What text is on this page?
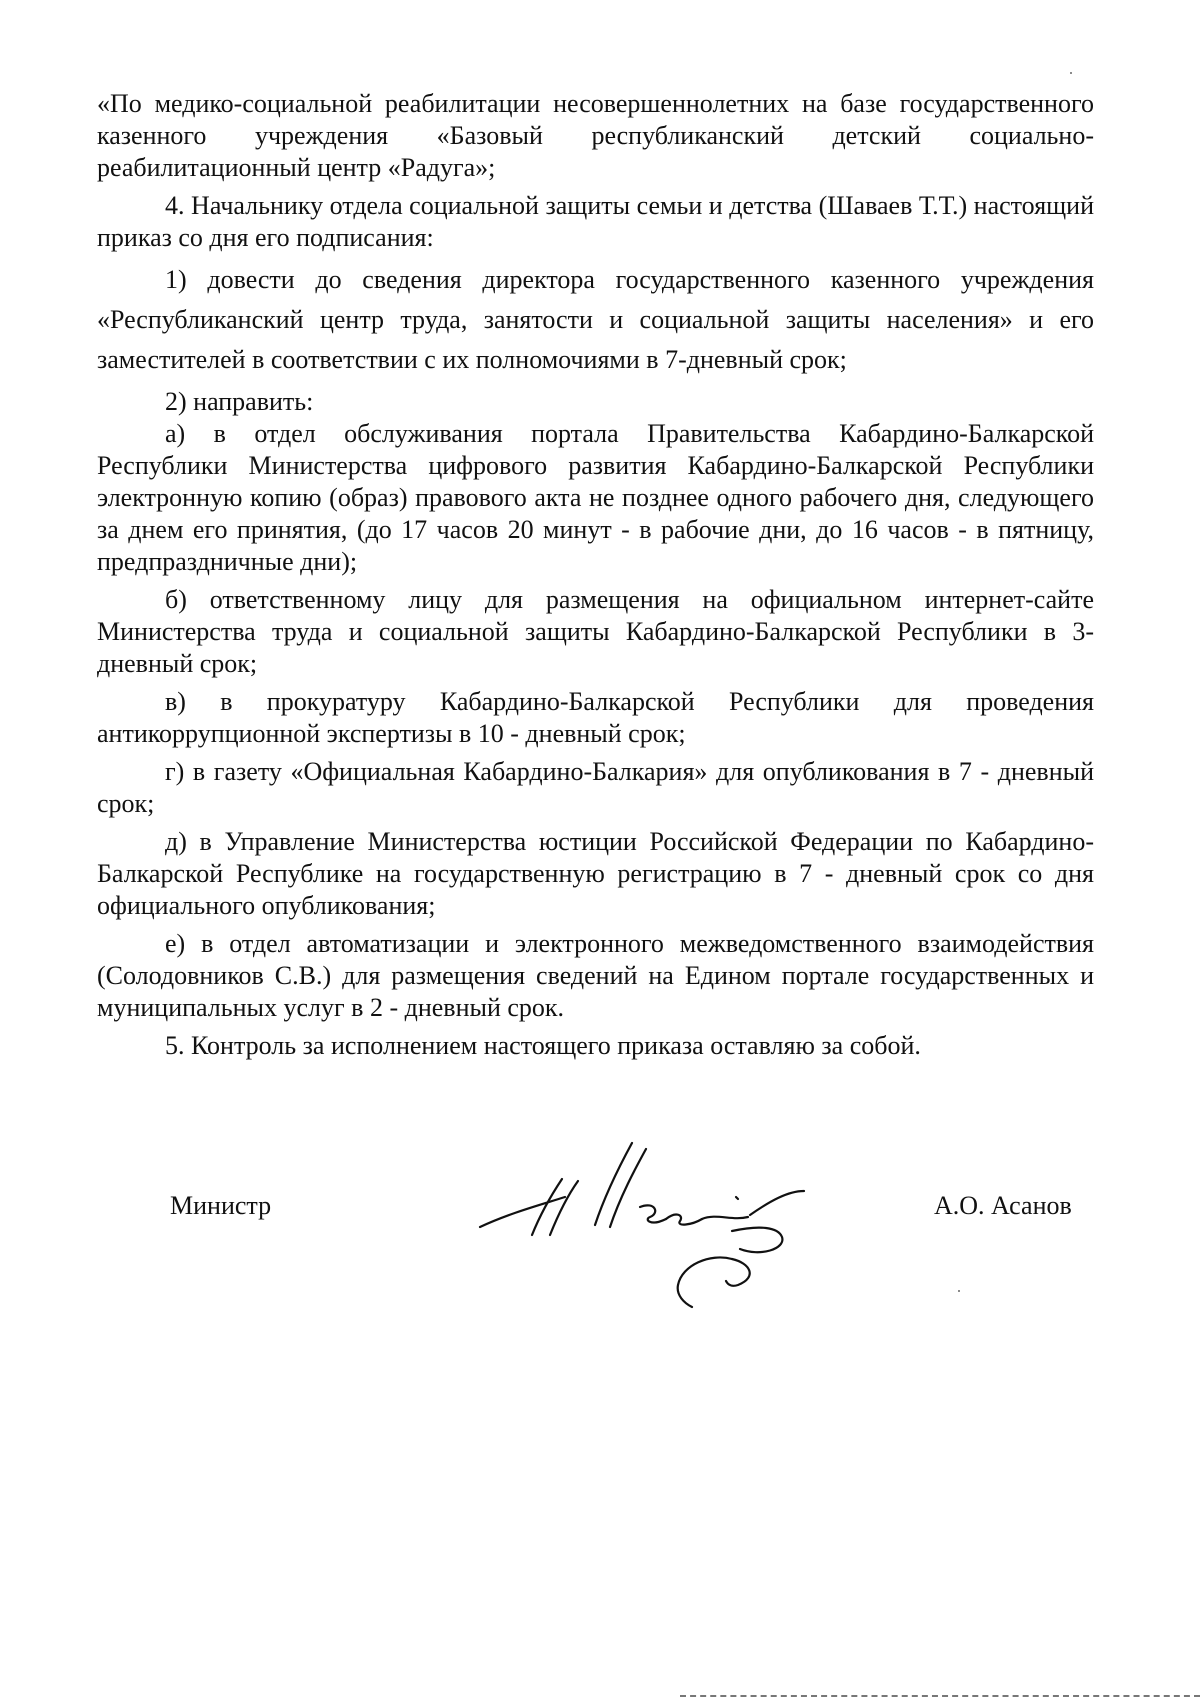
«По медико-социальной реабилитации несовершеннолетних на базе государственного казенного учреждения «Базовый республиканский детский социально-реабилитационный центр «Радуга»;

4. Начальнику отдела социальной защиты семьи и детства (Шаваев Т.Т.) настоящий приказ со дня его подписания:

1) довести до сведения директора государственного казенного учреждения «Республиканский центр труда, занятости и социальной защиты населения» и его заместителей в соответствии с их полномочиями в 7-дневный срок;

2) направить:

а) в отдел обслуживания портала Правительства Кабардино-Балкарской Республики Министерства цифрового развития Кабардино-Балкарской Республики электронную копию (образ) правового акта не позднее одного рабочего дня, следующего за днем его принятия, (до 17 часов 20 минут - в рабочие дни, до 16 часов - в пятницу, предпраздничные дни);

б) ответственному лицу для размещения на официальном интернет-сайте Министерства труда и социальной защиты Кабардино-Балкарской Республики в 3-дневный срок;

в) в прокуратуру Кабардино-Балкарской Республики для проведения антикоррупционной экспертизы в 10 - дневный срок;

г) в газету «Официальная Кабардино-Балкария» для опубликования в 7 - дневный срок;

д) в Управление Министерства юстиции Российской Федерации по Кабардино-Балкарской Республике на государственную регистрацию в 7 - дневный срок со дня официального опубликования;

е) в отдел автоматизации и электронного межведомственного взаимодействия (Солодовников С.В.) для размещения сведений на Едином портале государственных и муниципальных услуг в 2 - дневный срок.

5. Контроль за исполнением настоящего приказа оставляю за собой.

Министр	А.О. Асанов
